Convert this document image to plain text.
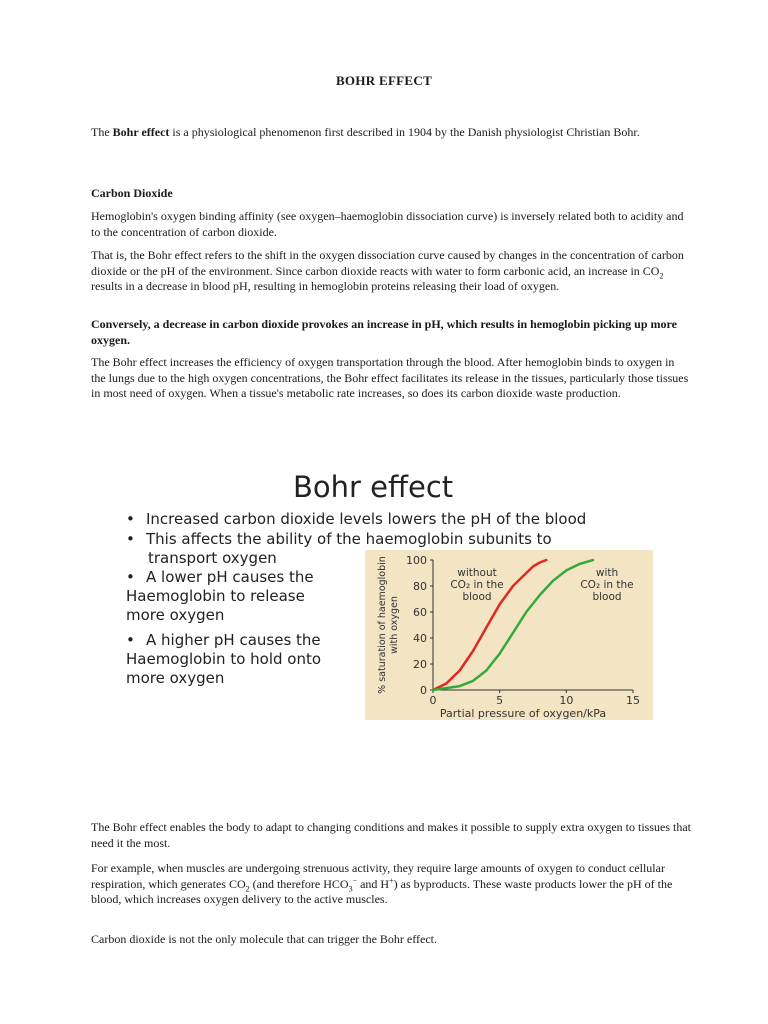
BOHR EFFECT

The Bohr effect is a physiological phenomenon first described in 1904 by the Danish physiologist Christian Bohr.

Carbon Dioxide

Hemoglobin's oxygen binding affinity (see oxygen–haemoglobin dissociation curve) is inversely related both to acidity and to the concentration of carbon dioxide.

That is, the Bohr effect refers to the shift in the oxygen dissociation curve caused by changes in the concentration of carbon dioxide or the pH of the environment. Since carbon dioxide reacts with water to form carbonic acid, an increase in $CO_2$ results in a decrease in blood pH, resulting in hemoglobin proteins releasing their load of oxygen.

Conversely, a decrease in carbon dioxide provokes an increase in pH, which results in hemoglobin picking up more oxygen.

The Bohr effect increases the efficiency of oxygen transportation through the blood. After hemoglobin binds to oxygen in the lungs due to the high oxygen concentrations, the Bohr effect facilitates its release in the tissues, particularly those tissues in most need of oxygen. When a tissue's metabolic rate increases, so does its carbon dioxide waste production.

Bohr effect
• Increased carbon dioxide levels lowers the pH of the blood
• This affects the ability of the haemoglobin subunits to
transport oxygen
• A lower pH causes the
Haemoglobin to release
more oxygen
• A higher pH causes the
Haemoglobin to hold onto
more oxygen
0
20
40
60
80
100
0	5	10	15
Partial pressure of oxygen/kPa
% saturation of haemoglobin with oxygen
without
CO₂ in the
blood
with
CO₂ in the
blood

The Bohr effect enables the body to adapt to changing conditions and makes it possible to supply extra oxygen to tissues that need it the most.

For example, when muscles are undergoing strenuous activity, they require large amounts of oxygen to conduct cellular respiration, which generates $CO_2$ (and therefore $HCO_3^-$ and H+) as byproducts. These waste products lower the pH of the blood, which increases oxygen delivery to the active muscles.

Carbon dioxide is not the only molecule that can trigger the Bohr effect.
